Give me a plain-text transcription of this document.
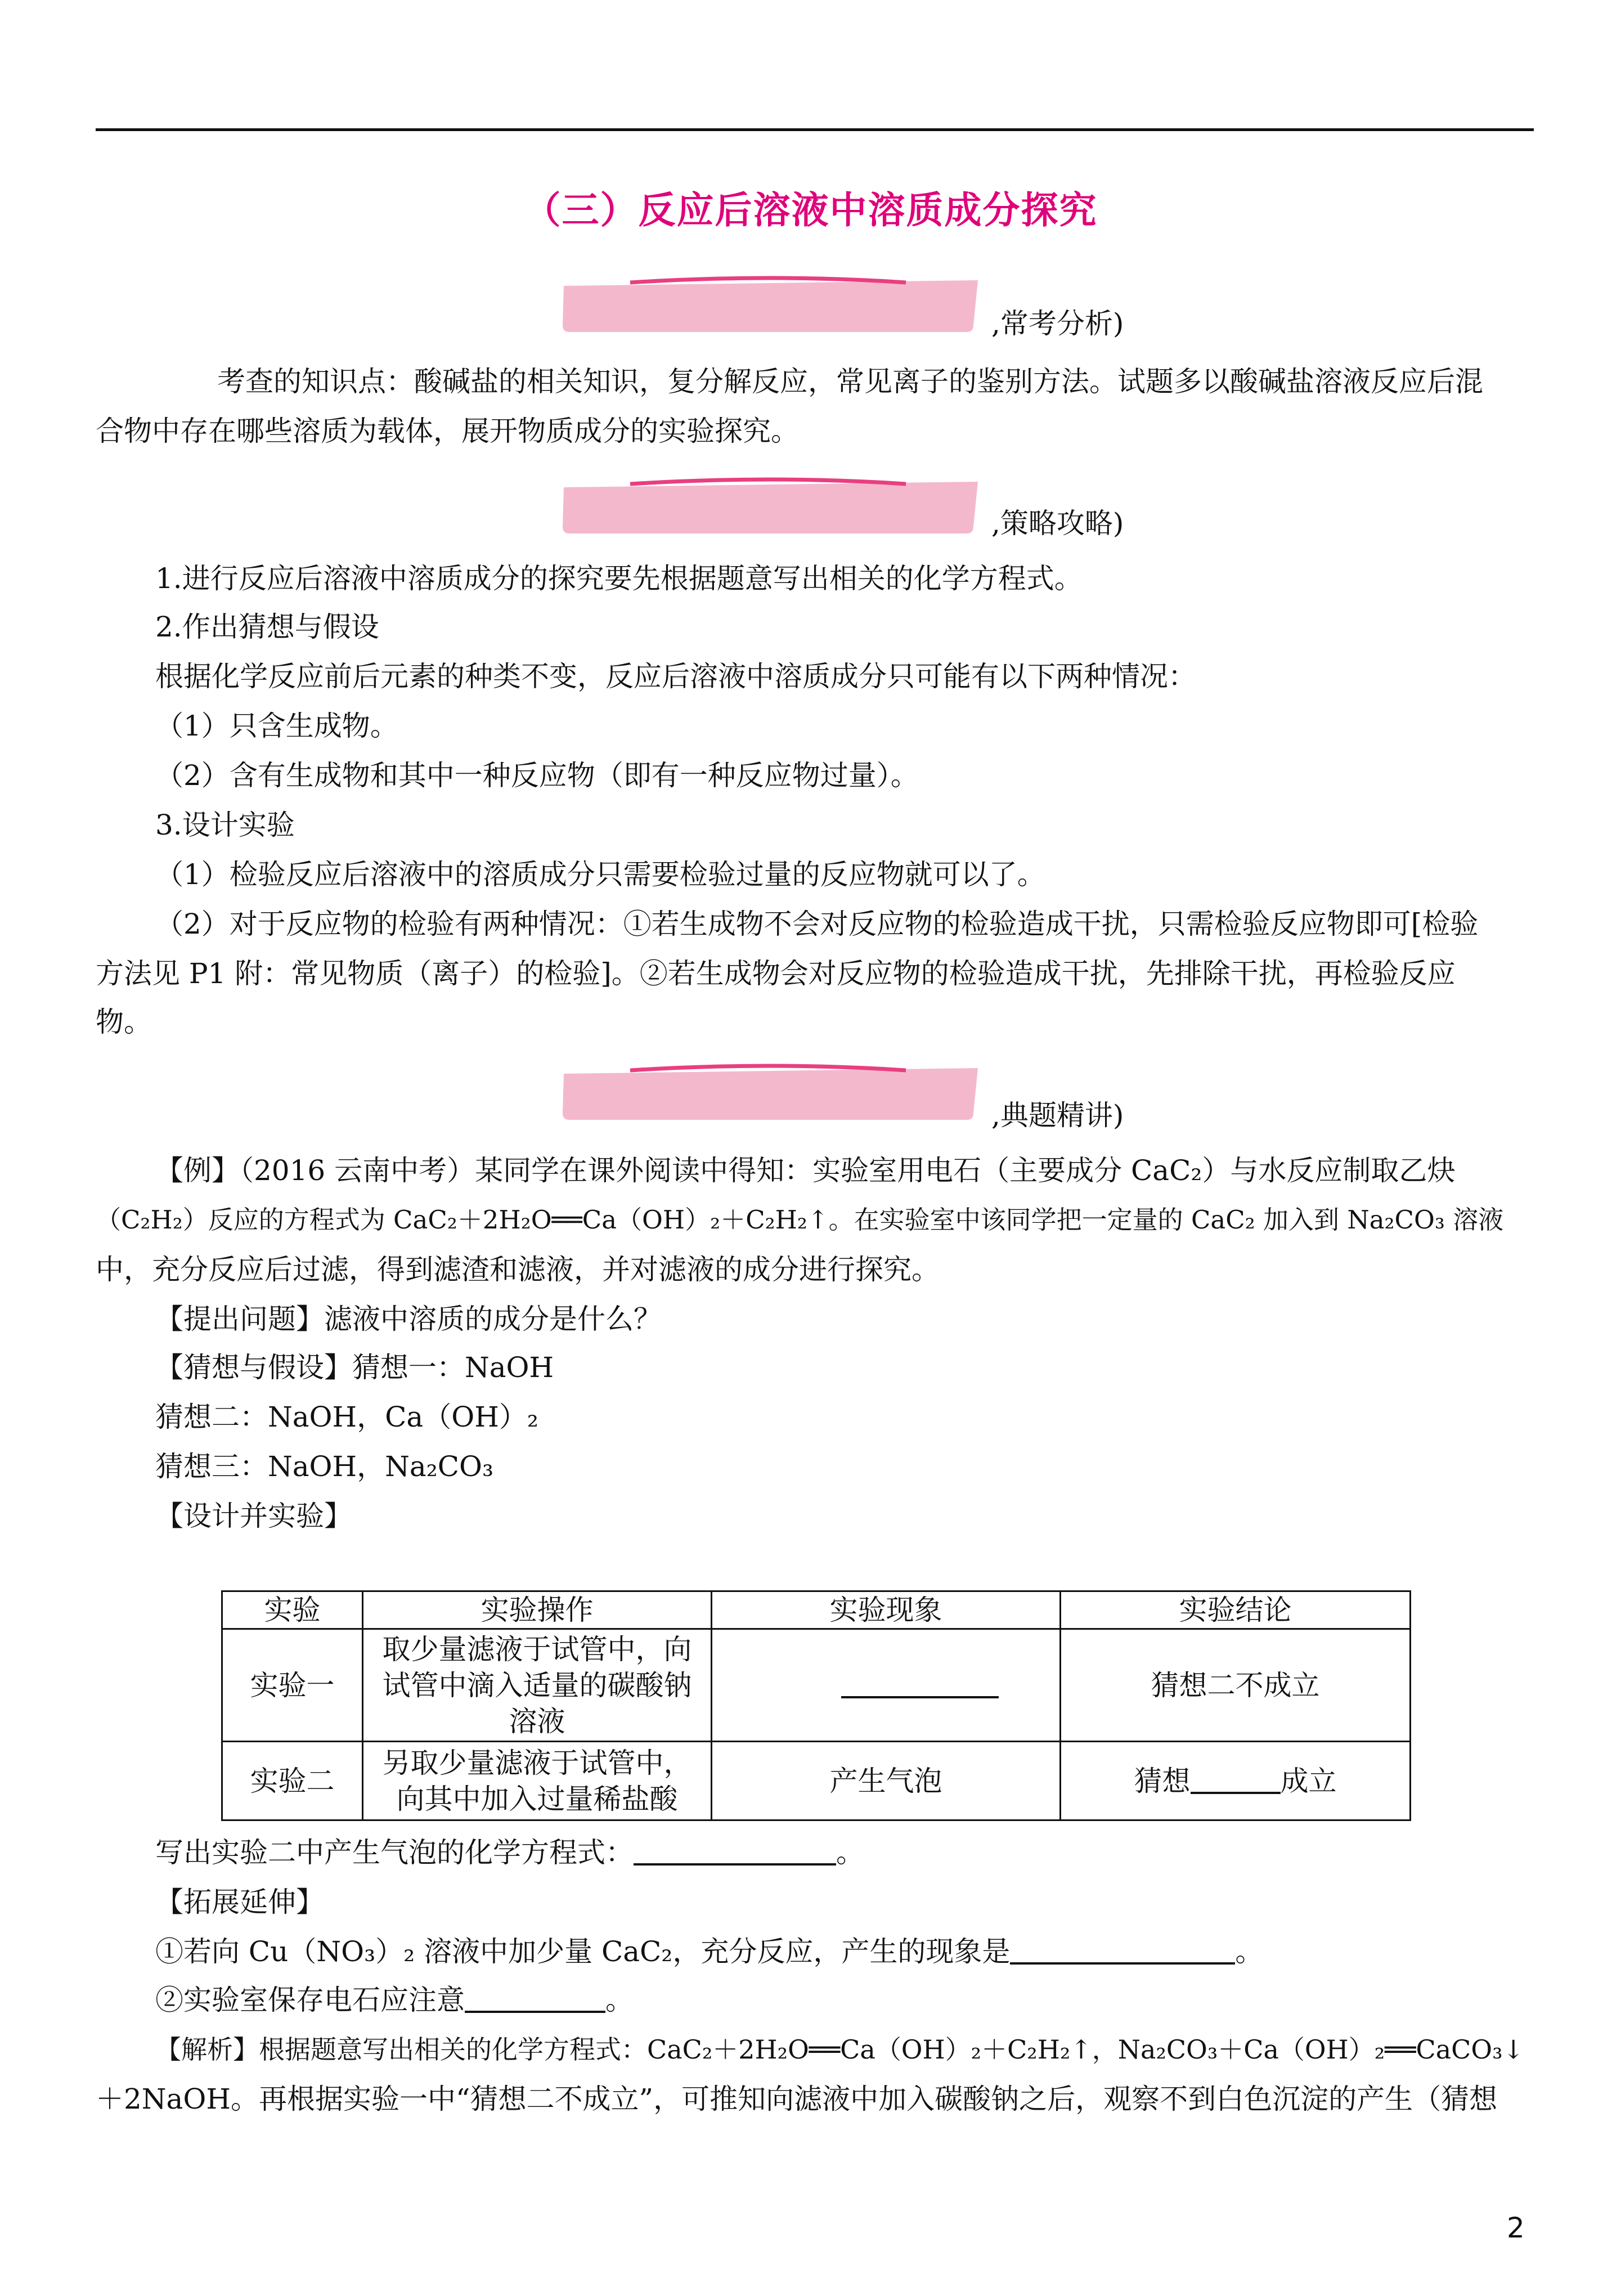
（三）反应后溶液中溶质成分探究
,常考分析)
考查的知识点：酸碱盐的相关知识，复分解反应，常见离子的鉴别方法。试题多以酸碱盐溶液反应后混
合物中存在哪些溶质为载体，展开物质成分的实验探究。
,策略攻略)
1.进行反应后溶液中溶质成分的探究要先根据题意写出相关的化学方程式。
2.作出猜想与假设
根据化学反应前后元素的种类不变，反应后溶液中溶质成分只可能有以下两种情况：
（1）只含生成物。
（2）含有生成物和其中一种反应物（即有一种反应物过量）。
3.设计实验
（1）检验反应后溶液中的溶质成分只需要检验过量的反应物就可以了。
（2）对于反应物的检验有两种情况：①若生成物不会对反应物的检验造成干扰，只需检验反应物即可[检验
方法见 P1 附：常见物质（离子）的检验]。②若生成物会对反应物的检验造成干扰，先排除干扰，再检验反应
物。
,典题精讲)
【例】（2016 云南中考）某同学在课外阅读中得知：实验室用电石（主要成分 CaC₂）与水反应制取乙炔
（C₂H₂）反应的方程式为 CaC₂＋2H₂O══Ca（OH）₂＋C₂H₂↑。在实验室中该同学把一定量的 CaC₂ 加入到 Na₂CO₃ 溶液
中，充分反应后过滤，得到滤渣和滤液，并对滤液的成分进行探究。
【提出问题】滤液中溶质的成分是什么？
【猜想与假设】猜想一：NaOH
猜想二：NaOH，Ca（OH）₂
猜想三：NaOH，Na₂CO₃
【设计并实验】
实验	实验操作	实验现象	实验结论
实验一	取少量滤液于试管中，向
试管中滴入适量的碳酸钠
溶液		猜想二不成立
实验二	另取少量滤液于试管中，
向其中加入过量稀盐酸	产生气泡	猜想 成立
写出实验二中产生气泡的化学方程式：	。
【拓展延伸】
①若向 Cu（NO₃）₂ 溶液中加少量 CaC₂，充分反应，产生的现象是	。
②实验室保存电石应注意	。
【解析】根据题意写出相关的化学方程式：CaC₂＋2H₂O══Ca（OH）₂＋C₂H₂↑，Na₂CO₃＋Ca（OH）₂══CaCO₃↓
＋2NaOH。再根据实验一中“猜想二不成立”，可推知向滤液中加入碳酸钠之后，观察不到白色沉淀的产生（猜想
2
